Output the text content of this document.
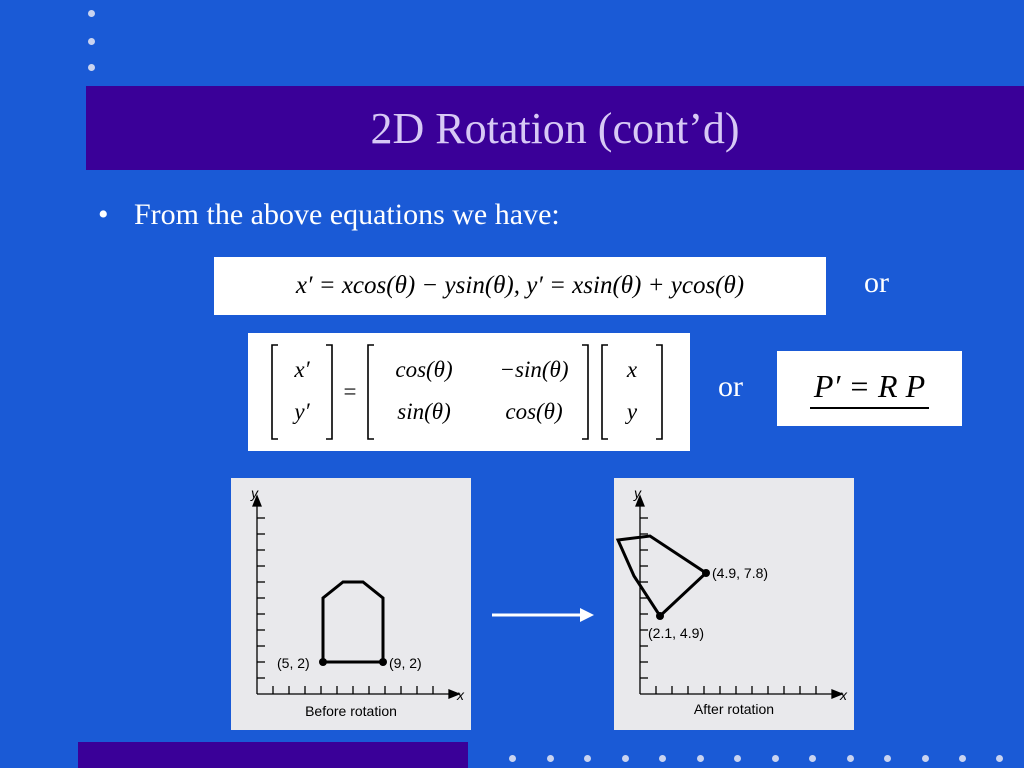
2D Rotation (cont’d)
• From the above equations we have:
x′ = xcos(θ) − ysin(θ), y′ = xsin(θ) + ycos(θ)	or
x′
y′
=
cos(θ) −sin(θ)
sin(θ) cos(θ)
x
y
or P′ = R P
y
x
(5, 2)	(9, 2)
Before rotation
y
x
(4.9, 7.8)
(2.1, 4.9)
After rotation
